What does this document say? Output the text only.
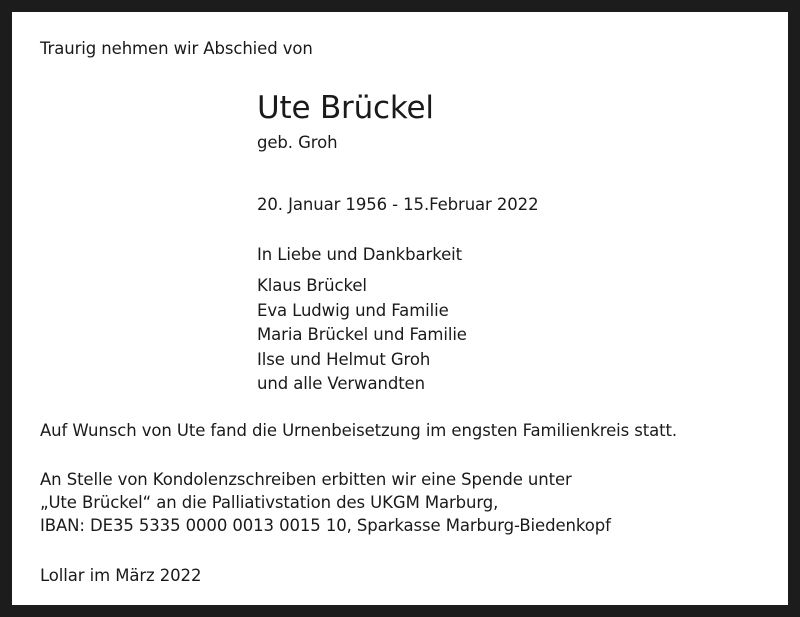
Traurig nehmen wir Abschied von
Ute Brückel
geb. Groh
20. Januar 1956 - 15.Februar 2022
In Liebe und Dankbarkeit
Klaus Brückel
Eva Ludwig und Familie
Maria Brückel und Familie
Ilse und Helmut Groh
und alle Verwandten
Auf Wunsch von Ute fand die Urnenbeisetzung im engsten Familienkreis statt.
An Stelle von Kondolenzschreiben erbitten wir eine Spende unter
„Ute Brückel“ an die Palliativstation des UKGM Marburg,
IBAN: DE35 5335 0000 0013 0015 10, Sparkasse Marburg-Biedenkopf
Lollar im März 2022
